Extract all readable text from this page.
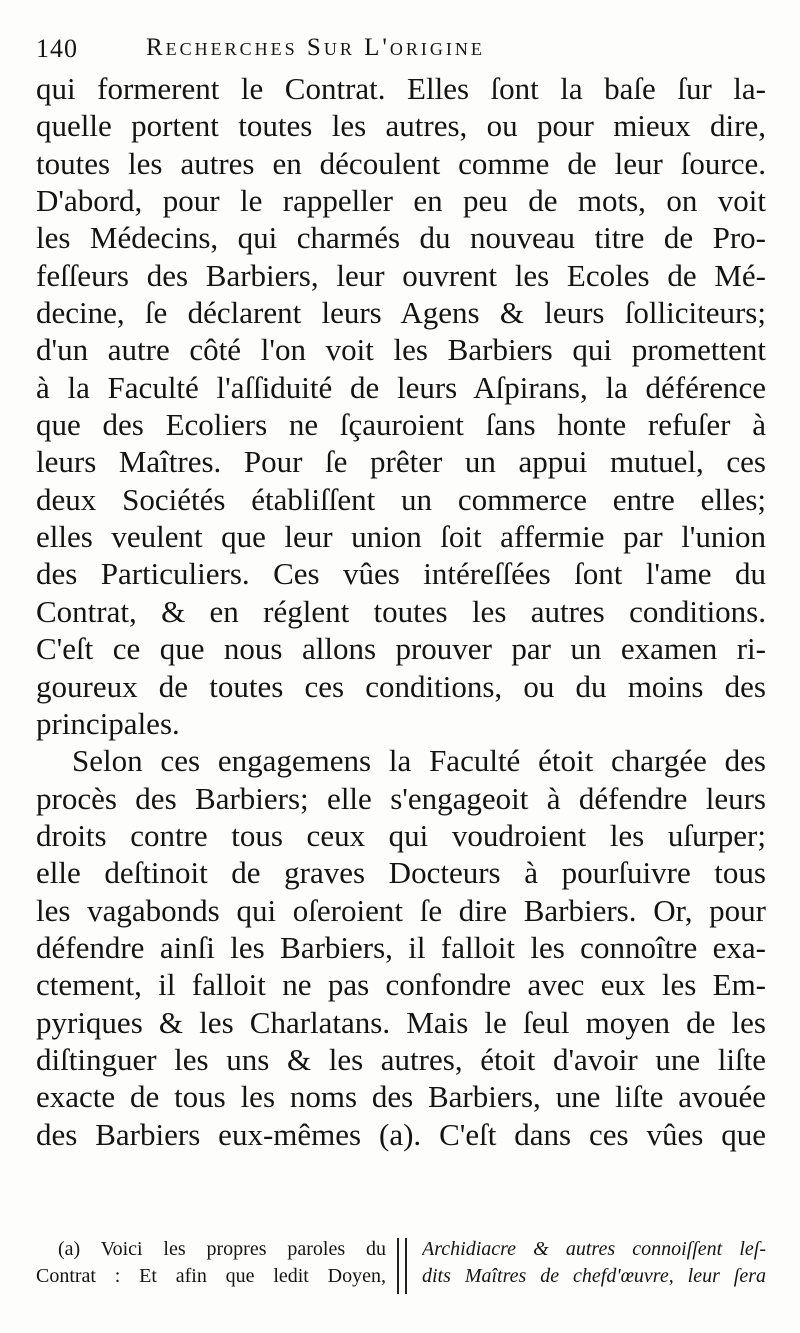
140	Recherches Sur L'origine
qui formerent le Contrat. Elles ſont la baſe ſur la-
quelle portent toutes les autres, ou pour mieux dire,
toutes les autres en découlent comme de leur ſource.
D'abord, pour le rappeller en peu de mots, on voit
les Médecins, qui charmés du nouveau titre de Pro-
feſſeurs des Barbiers, leur ouvrent les Ecoles de Mé-
decine, ſe déclarent leurs Agens & leurs ſolliciteurs;
d'un autre côté l'on voit les Barbiers qui promettent
à la Faculté l'aſſiduité de leurs Aſpirans, la déférence
que des Ecoliers ne ſçauroient ſans honte refuſer à
leurs Maîtres. Pour ſe prêter un appui mutuel, ces
deux Sociétés établiſſent un commerce entre elles;
elles veulent que leur union ſoit affermie par l'union
des Particuliers. Ces vûes intéreſſées ſont l'ame du
Contrat, & en réglent toutes les autres conditions.
C'eſt ce que nous allons prouver par un examen ri-
goureux de toutes ces conditions, ou du moins des
principales.
Selon ces engagemens la Faculté étoit chargée des
procès des Barbiers; elle s'engageoit à défendre leurs
droits contre tous ceux qui voudroient les uſurper;
elle deſtinoit de graves Docteurs à pourſuivre tous
les vagabonds qui oſeroient ſe dire Barbiers. Or, pour
défendre ainſi les Barbiers, il falloit les connoître exa-
ctement, il falloit ne pas confondre avec eux les Em-
pyriques & les Charlatans. Mais le ſeul moyen de les
diſtinguer les uns & les autres, étoit d'avoir une liſte
exacte de tous les noms des Barbiers, une liſte avouée
des Barbiers eux-mêmes (a). C'eſt dans ces vûes que
(a) Voici les propres paroles du
Contrat : Et afin que ledit Doyen,
Archidiacre & autres connoiſſent leſ-
dits Maîtres de chefd'œuvre, leur ſera
